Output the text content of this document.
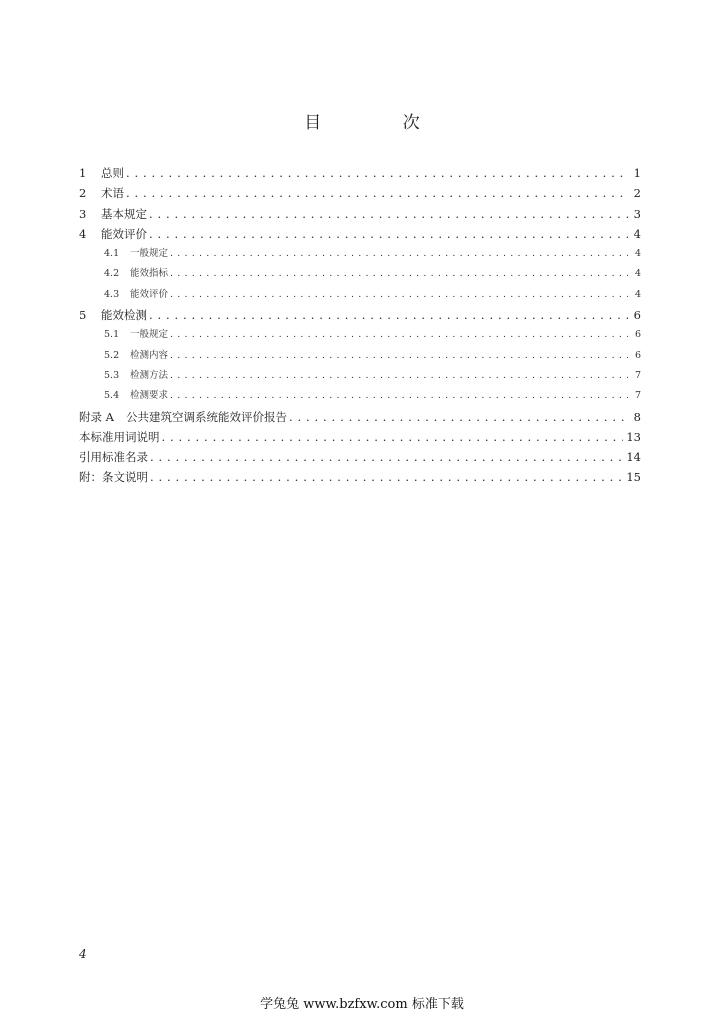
目 次
1	总则 . . .	1
2	术语 . . .	2
3	基本规定 . . .	3
4	能效评价 . . .	4
4.1	一般规定 . . .	4
4.2	能效指标 . . .	4
4.3	能效评价 . . .	4
5	能效检测 . . .	6
5.1	一般规定 . . .	6
5.2	检测内容 . . .	6
5.3	检测方法 . . .	7
5.4	检测要求 . . .	7
附录 A	公共建筑空调系统能效评价报告 . . .	8
本标准用词说明 . . .	13
引用标准名录 . . .	14
附：条文说明 . . .	15
4
学兔兔 www.bzfxw.com 标准下载
